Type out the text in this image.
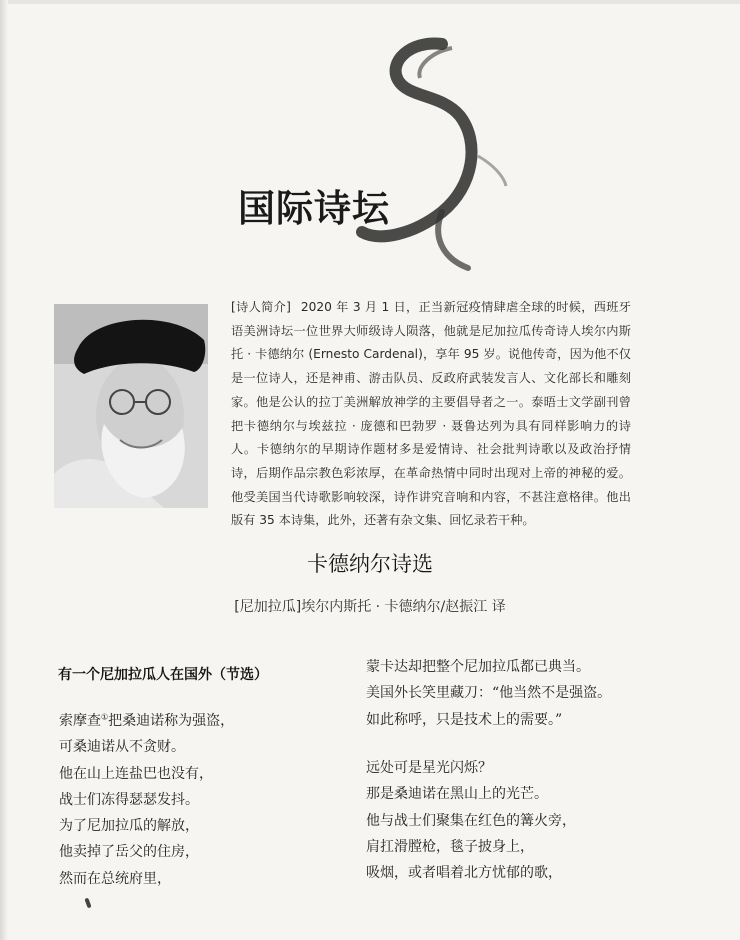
国际诗坛
[诗人简介] 2020 年 3 月 1 日，正当新冠疫情肆虐全球的时候，西班牙语美洲诗坛一位世界大师级诗人陨落，他就是尼加拉瓜传奇诗人埃尔内斯托 · 卡德纳尔 (Ernesto Cardenal)，享年 95 岁。说他传奇，因为他不仅是一位诗人，还是神甫、游击队员、反政府武装发言人、文化部长和雕刻家。他是公认的拉丁美洲解放神学的主要倡导者之一。泰晤士文学副刊曾把卡德纳尔与埃兹拉 · 庞德和巴勃罗 · 聂鲁达列为具有同样影响力的诗人。卡德纳尔的早期诗作题材多是爱情诗、社会批判诗歌以及政治抒情诗，后期作品宗教色彩浓厚，在革命热情中同时出现对上帝的神秘的爱。他受美国当代诗歌影响较深，诗作讲究音响和内容，不甚注意格律。他出版有 35 本诗集，此外，还著有杂文集、回忆录若干种。
卡德纳尔诗选
[尼加拉瓜]埃尔内斯托 · 卡德纳尔/赵振江 译
有一个尼加拉瓜人在国外（节选）
索摩查①把桑迪诺称为强盗，
可桑迪诺从不贪财。
他在山上连盐巴也没有，
战士们冻得瑟瑟发抖。
为了尼加拉瓜的解放，
他卖掉了岳父的住房，
然而在总统府里，
蒙卡达却把整个尼加拉瓜都已典当。
美国外长笑里藏刀：“他当然不是强盗。
如此称呼，只是技术上的需要。”
远处可是星光闪烁？
那是桑迪诺在黑山上的光芒。
他与战士们聚集在红色的篝火旁，
肩扛滑膛枪，毯子披身上，
吸烟，或者唱着北方忧郁的歌，
